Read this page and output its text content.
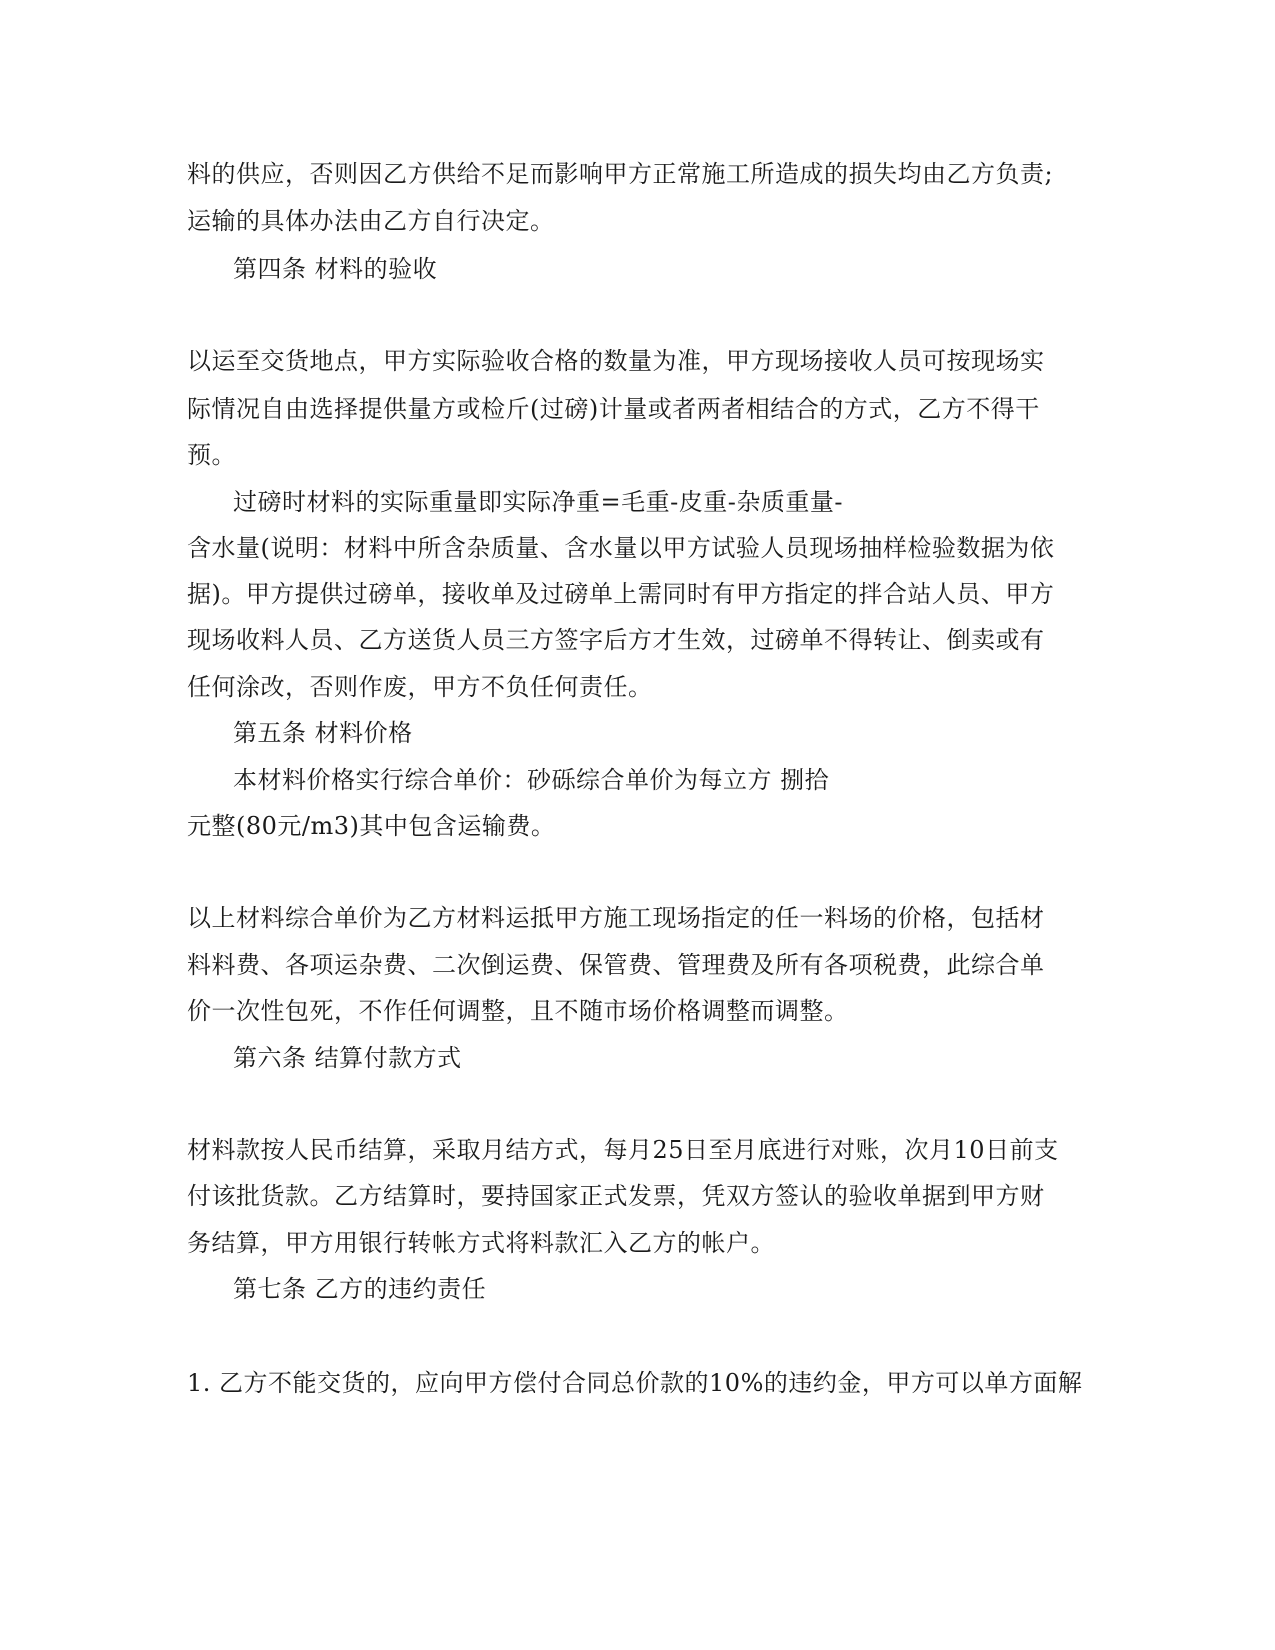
料的供应，否则因乙方供给不足而影响甲方正常施工所造成的损失均由乙方负责;
运输的具体办法由乙方自行决定。
第四条 材料的验收
以运至交货地点，甲方实际验收合格的数量为准，甲方现场接收人员可按现场实
际情况自由选择提供量方或检斤(过磅)计量或者两者相结合的方式，乙方不得干
预。
过磅时材料的实际重量即实际净重=毛重-皮重-杂质重量-
含水量(说明：材料中所含杂质量、含水量以甲方试验人员现场抽样检验数据为依
据)。甲方提供过磅单，接收单及过磅单上需同时有甲方指定的拌合站人员、甲方
现场收料人员、乙方送货人员三方签字后方才生效，过磅单不得转让、倒卖或有
任何涂改，否则作废，甲方不负任何责任。
第五条 材料价格
本材料价格实行综合单价：砂砾综合单价为每立方 捌拾
元整(80元/m3)其中包含运输费。
以上材料综合单价为乙方材料运抵甲方施工现场指定的任一料场的价格，包括材
料料费、各项运杂费、二次倒运费、保管费、管理费及所有各项税费，此综合单
价一次性包死，不作任何调整，且不随市场价格调整而调整。
第六条 结算付款方式
材料款按人民币结算，采取月结方式，每月25日至月底进行对账，次月10日前支
付该批货款。乙方结算时，要持国家正式发票，凭双方签认的验收单据到甲方财
务结算，甲方用银行转帐方式将料款汇入乙方的帐户。
第七条 乙方的违约责任
1. 乙方不能交货的，应向甲方偿付合同总价款的10%的违约金，甲方可以单方面解
